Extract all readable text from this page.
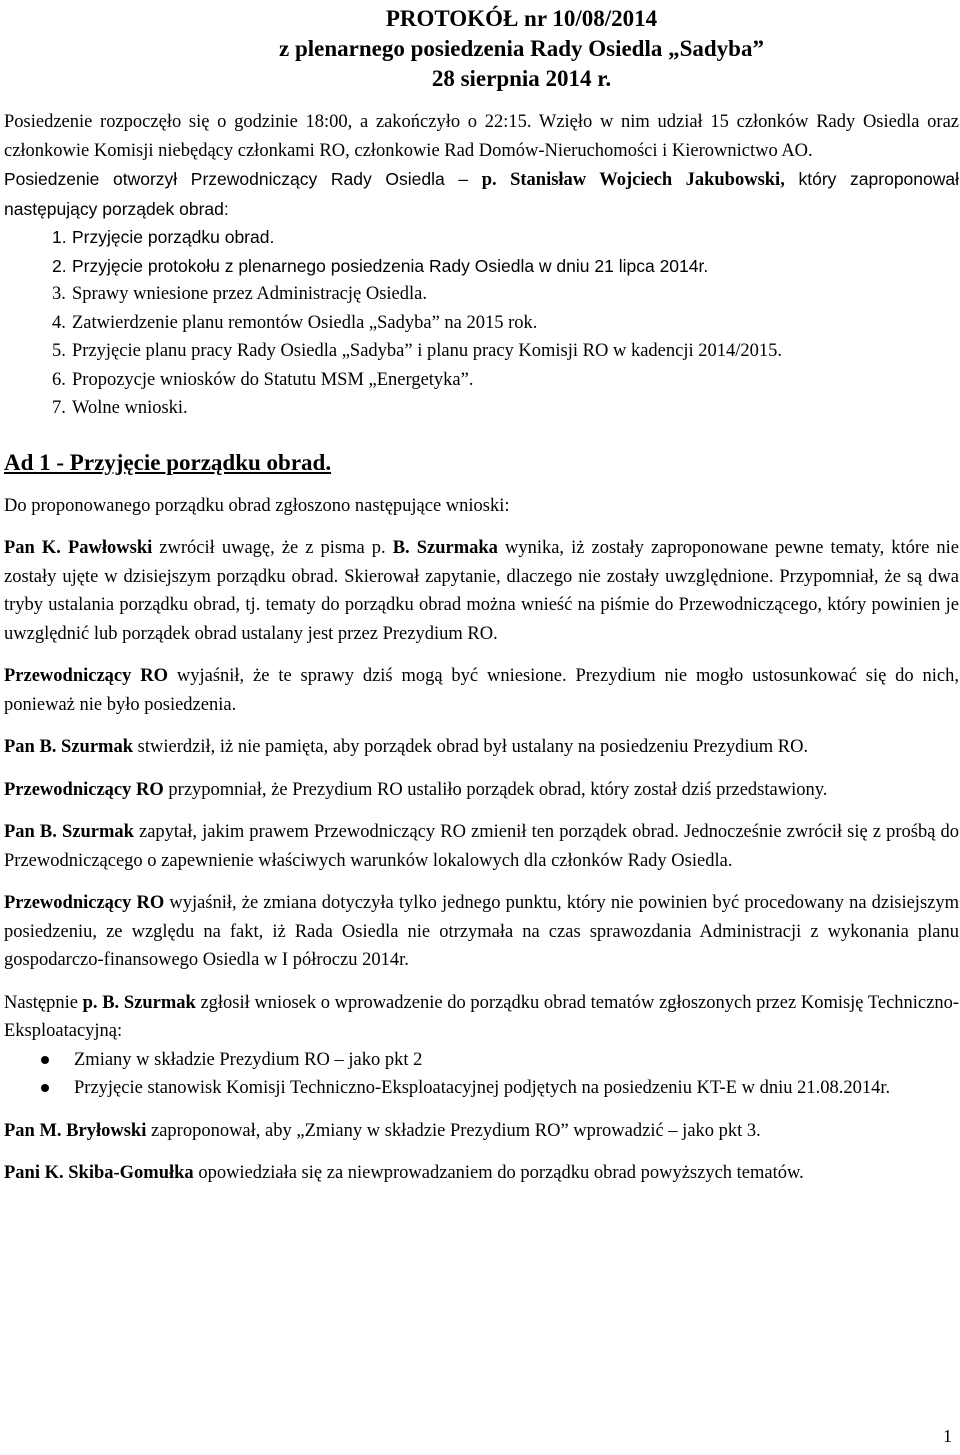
PROTOKÓŁ nr 10/08/2014

z plenarnego posiedzenia Rady Osiedla „Sadyba”

28 sierpnia 2014 r.

Posiedzenie rozpoczęło się o godzinie 18:00, a zakończyło o 22:15. Wzięło w nim udział 15 członków Rady Osiedla oraz członkowie Komisji niebędący członkami RO, członkowie Rad Domów-Nieruchomości i Kierownictwo AO.

Posiedzenie otworzył Przewodniczący Rady Osiedla – p. Stanisław Wojciech Jakubowski, który zaproponował następujący porządek obrad:

1. Przyjęcie porządku obrad.
2. Przyjęcie protokołu z plenarnego posiedzenia Rady Osiedla w dniu 21 lipca 2014r.
3. Sprawy wniesione przez Administrację Osiedla.
4. Zatwierdzenie planu remontów Osiedla „Sadyba” na 2015 rok.
5. Przyjęcie planu pracy Rady Osiedla „Sadyba” i planu pracy Komisji RO w kadencji 2014/2015.
6. Propozycje wniosków do Statutu MSM „Energetyka”.
7. Wolne wnioski.

Ad 1 - Przyjęcie porządku obrad.

Do proponowanego porządku obrad zgłoszono następujące wnioski:

Pan K. Pawłowski zwrócił uwagę, że z pisma p. B. Szurmaka wynika, iż zostały zaproponowane pewne tematy, które nie zostały ujęte w dzisiejszym porządku obrad. Skierował zapytanie, dlaczego nie zostały uwzględnione. Przypomniał, że są dwa tryby ustalania porządku obrad, tj. tematy do porządku obrad można wnieść na piśmie do Przewodniczącego, który powinien je uwzględnić lub porządek obrad ustalany jest przez Prezydium RO.

Przewodniczący RO wyjaśnił, że te sprawy dziś mogą być wniesione. Prezydium nie mogło ustosunkować się do nich, ponieważ nie było posiedzenia.

Pan B. Szurmak stwierdził, iż nie pamięta, aby porządek obrad był ustalany na posiedzeniu Prezydium RO.

Przewodniczący RO przypomniał, że Prezydium RO ustaliło porządek obrad, który został dziś przedstawiony.

Pan B. Szurmak zapytał, jakim prawem Przewodniczący RO zmienił ten porządek obrad. Jednocześnie zwrócił się z prośbą do Przewodniczącego o zapewnienie właściwych warunków lokalowych dla członków Rady Osiedla.

Przewodniczący RO wyjaśnił, że zmiana dotyczyła tylko jednego punktu, który nie powinien być procedowany na dzisiejszym posiedzeniu, ze względu na fakt, iż Rada Osiedla nie otrzymała na czas sprawozdania Administracji z wykonania planu gospodarczo-finansowego Osiedla w I półroczu 2014r.

Następnie p. B. Szurmak zgłosił wniosek o wprowadzenie do porządku obrad tematów zgłoszonych przez Komisję Techniczno-Eksploatacyjną:

Zmiany w składzie Prezydium RO – jako pkt 2
Przyjęcie stanowisk Komisji Techniczno-Eksploatacyjnej podjętych na posiedzeniu KT-E w dniu 21.08.2014r.

Pan M. Bryłowski zaproponował, aby „Zmiany w składzie Prezydium RO” wprowadzić – jako pkt 3.

Pani K. Skiba-Gomułka opowiedziała się za niewprowadzaniem do porządku obrad powyższych tematów.

1
